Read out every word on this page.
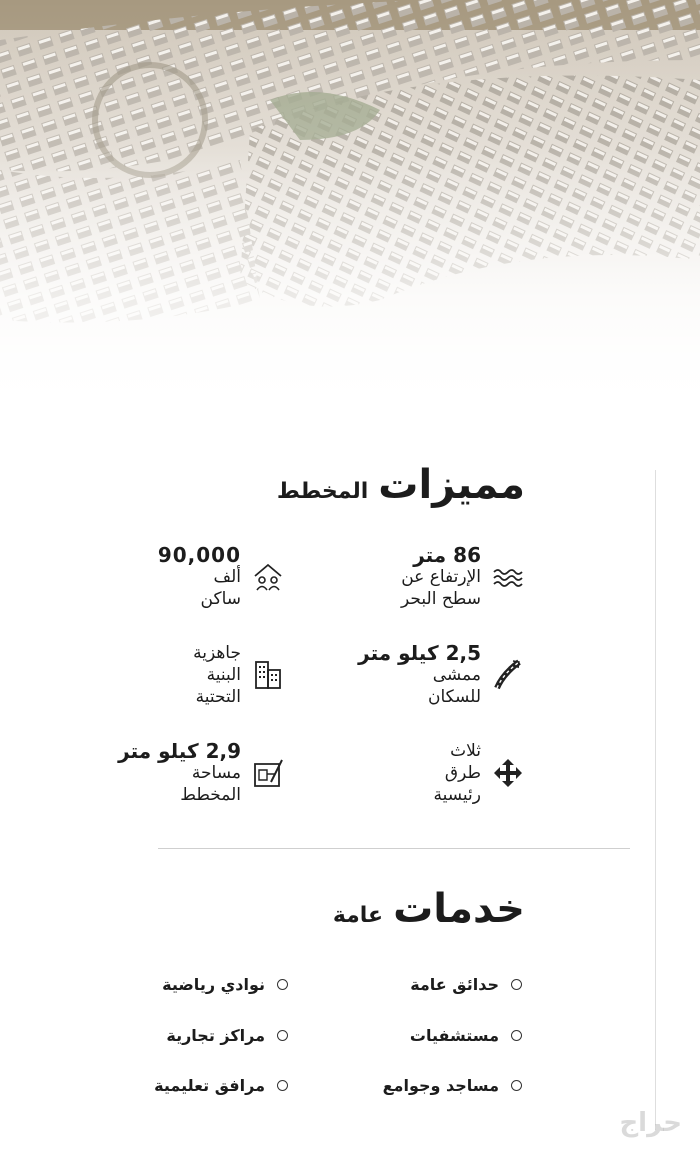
مميزات
المخطط
86 متر
الإرتفاع عن
سطح البحر
2,5 كيلو متر
ممشى
للسكان
ثلاث
طرق
رئيسية
90,000
ألف
ساكن
جاهزية
البنية
التحتية
2,9 كيلو متر
مساحة
المخطط
خدمات
عامة
حدائق عامة
مستشفيات
مساجد وجوامع
نوادي رياضية
مراكز تجارية
مرافق تعليمية
حراج
